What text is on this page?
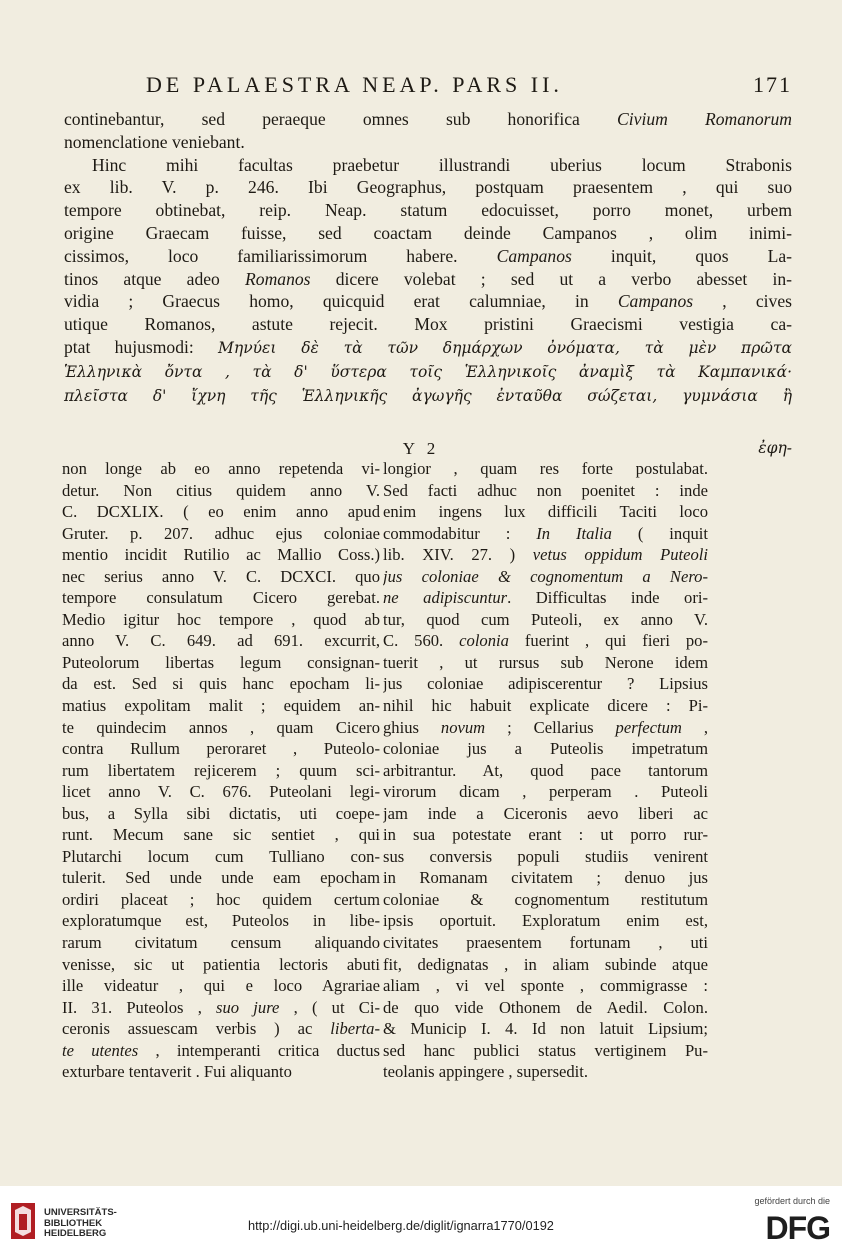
DE PALAESTRA NEAP. PARS II.	171
continebantur, sed peraeque omnes sub honorifica Civium Romanorum
nomenclatione veniebant.
Hinc mihi facultas praebetur illustrandi uberius locum Strabonis
ex lib. V. p. 246. Ibi Geographus, postquam praesentem , qui suo
tempore obtinebat, reip. Neap. statum edocuisset, porro monet, urbem
origine Graecam fuisse, sed coactam deinde Campanos , olim inimi-
cissimos, loco familiarissimorum habere. Campanos inquit, quos La-
tinos atque adeo Romanos dicere volebat ; sed ut a verbo abesset in-
vidia ; Graecus homo, quicquid erat calumniae, in Campanos , cives
utique Romanos, astute rejecit. Mox pristini Graecismi vestigia ca-
ptat hujusmodi: Μηνύει δὲ τὰ τῶν δημάρχων ὀνόματα, τὰ μὲν πρῶτα
Ἑλληνικὰ ὄντα , τὰ δ' ὕστερα τοῖς Ἑλληνικοῖς ἀναμὶξ τὰ Καμπανικά·
πλεῖστα δ' ἴχνη τῆς Ἑλληνικῆς ἀγωγῆς ἐνταῦθα σώζεται, γυμνάσια ἢ
Y 2	ἐφη-
non longe ab eo anno repetenda vi-
detur. Non citius quidem anno V.
C. DCXLIX. ( eo enim anno apud
Gruter. p. 207. adhuc ejus coloniae
mentio incidit Rutilio ac Mallio Coss.)
nec serius anno V. C. DCXCI. quo
tempore consulatum Cicero gerebat.
Medio igitur hoc tempore , quod ab
anno V. C. 649. ad 691. excurrit,
Puteolorum libertas legum consignan-
da est. Sed si quis hanc epocham li-
matius expolitam malit ; equidem an-
te quindecim annos , quam Cicero
contra Rullum peroraret , Puteolo-
rum libertatem rejicerem ; quum sci-
licet anno V. C. 676. Puteolani legi-
bus, a Sylla sibi dictatis, uti coepe-
runt. Mecum sane sic sentiet , qui
Plutarchi locum cum Tulliano con-
tulerit. Sed unde unde eam epocham
ordiri placeat ; hoc quidem certum
exploratumque est, Puteolos in libe-
rarum civitatum censum aliquando
venisse, sic ut patientia lectoris abuti
ille videatur , qui e loco Agrariae
II. 31. Puteolos , suo jure , ( ut Ci-
ceronis assuescam verbis ) ac liberta-
te utentes , intemperanti critica ductus
exturbare tentaverit . Fui aliquanto
longior , quam res forte postulabat.
Sed facti adhuc non poenitet : inde
enim ingens lux difficili Taciti loco
commodabitur : In Italia ( inquit
lib. XIV. 27. ) vetus oppidum Puteoli
jus coloniae & cognomentum a Nero-
ne adipiscuntur. Difficultas inde ori-
tur, quod cum Puteoli, ex anno V.
C. 560. colonia fuerint , qui fieri po-
tuerit , ut rursus sub Nerone idem
jus coloniae adipiscerentur ? Lipsius
nihil hic habuit explicate dicere : Pi-
ghius novum ; Cellarius perfectum ,
coloniae jus a Puteolis impetratum
arbitrantur. At, quod pace tantorum
virorum dicam , perperam . Puteoli
jam inde a Ciceronis aevo liberi ac
in sua potestate erant : ut porro rur-
sus conversis populi studiis venirent
in Romanam civitatem ; denuo jus
coloniae & cognomentum restitutum
ipsis oportuit. Exploratum enim est,
civitates praesentem fortunam , uti
fit, dedignatas , in aliam subinde atque
aliam , vi vel sponte , commigrasse :
de quo vide Othonem de Aedil. Colon.
& Municip I. 4. Id non latuit Lipsium;
sed hanc publici status vertiginem Pu-
teolanis appingere , supersedit.
UNIVERSITÄTS-
BIBLIOTHEK
HEIDELBERG
http://digi.ub.uni-heidelberg.de/diglit/ignarra1770/0192
gefördert durch die
DFG
